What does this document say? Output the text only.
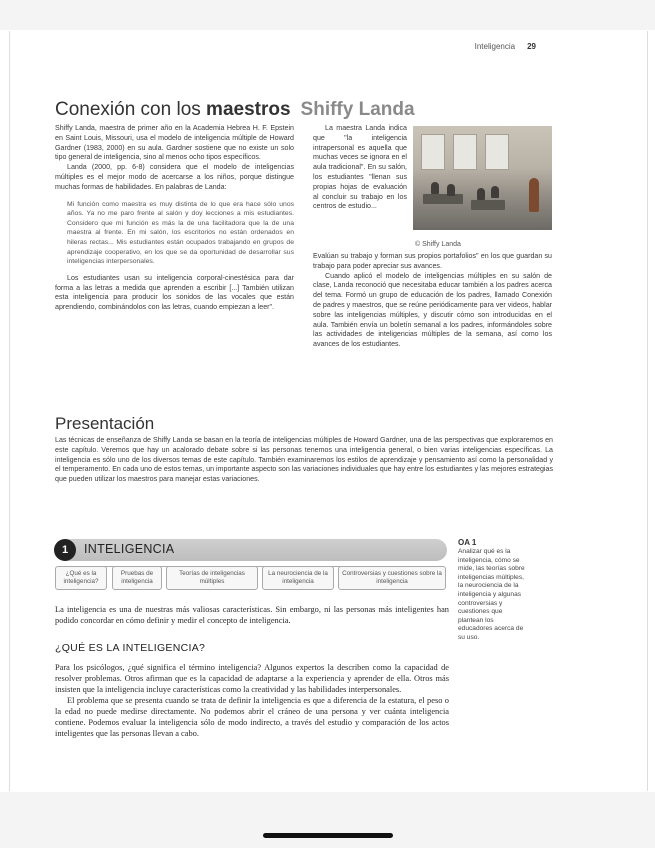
Inteligencia 29
Conexión con los maestros Shiffy Landa

Shiffy Landa, maestra de primer año en la Academia Hebrea H. F. Epstein en Saint Louis, Missouri, usa el modelo de inteligencia múltiple de Howard Gardner (1983, 2000) en su aula. Gardner sostiene que no existe un solo tipo general de inteligencia, sino al menos ocho tipos específicos.

Landa (2000, pp. 6-8) considera que el modelo de inteligencias múltiples es el mejor modo de acercarse a los niños, porque distingue muchas formas de habilidades. En palabras de Landa:

Mi función como maestra es muy distinta de lo que era hace sólo unos años. Ya no me paro frente al salón y doy lecciones a mis estudiantes. Considero que mi función es más la de una facilitadora que la de una maestra al frente. En mi salón, los escritorios no están ordenados en hileras rectas... Mis estudiantes están ocupados trabajando en grupos de aprendizaje cooperativo, en los que se da oportunidad de desarrollar sus inteligencias interpersonales.

Los estudiantes usan su inteligencia corporal-cinestésica para dar forma a las letras a medida que aprenden a escribir [...] También utilizan esta inteligencia para producir los sonidos de las vocales que están aprendiendo, combinándolos con las letras, cuando empiezan a leer".

La maestra Landa indica que "la inteligencia intrapersonal es aquella que muchas veces se ignora en el aula tradicional". En su salón, los estudiantes "llenan sus propias hojas de evaluación al concluir su trabajo en los centros de estudio...

© Shiffy Landa

Evalúan su trabajo y forman sus propios portafolios" en los que guardan su trabajo para poder apreciar sus avances.

Cuando aplicó el modelo de inteligencias múltiples en su salón de clase, Landa reconoció que necesitaba educar también a los padres acerca del tema. Formó un grupo de educación de los padres, llamado Conexión de padres y maestros, que se reúne periódicamente para ver videos, hablar sobre las inteligencias múltiples, y discutir cómo son introducidas en el aula. También envía un boletín semanal a los padres, informándoles sobre las actividades de inteligencias múltiples de la semana, así como los avances de los estudiantes.

Presentación

Las técnicas de enseñanza de Shiffy Landa se basan en la teoría de inteligencias múltiples de Howard Gardner, una de las perspectivas que exploraremos en este capítulo. Veremos que hay un acalorado debate sobre si las personas tenemos una inteligencia general, o bien varias inteligencias específicas. La inteligencia es sólo uno de los diversos temas de este capítulo. También examinaremos los estilos de aprendizaje y pensamiento así como la personalidad y el temperamento. En cada uno de estos temas, un importante aspecto son las variaciones individuales que hay entre los estudiantes y las mejores estrategias que pueden utilizar los maestros para manejar estas variaciones.

1	INTELIGENCIA
¿Qué es la inteligencia?
Pruebas de inteligencia
Teorías de inteligencias múltiples
La neurociencia de la inteligencia
Controversias y cuestiones sobre la inteligencia
OA 1
Analizar qué es la inteligencia, cómo se mide, las teorías sobre inteligencias múltiples, la neurociencia de la inteligencia y algunas controversias y cuestiones que plantean los educadores acerca de su uso.

La inteligencia es una de nuestras más valiosas características. Sin embargo, ni las personas más inteligentes han podido concordar en cómo definir y medir el concepto de inteligencia.

¿QUÉ ES LA INTELIGENCIA?

Para los psicólogos, ¿qué significa el término inteligencia? Algunos expertos la describen como la capacidad de resolver problemas. Otros afirman que es la capacidad de adaptarse a la experiencia y aprender de ella. Otros más insisten que la inteligencia incluye características como la creatividad y las habilidades interpersonales.

El problema que se presenta cuando se trata de definir la inteligencia es que a diferencia de la estatura, el peso o la edad no puede medirse directamente. No podemos abrir el cráneo de una persona y ver cuánta inteligencia contiene. Podemos evaluar la inteligencia sólo de modo indirecto, a través del estudio y comparación de los actos inteligentes que las personas llevan a cabo.
